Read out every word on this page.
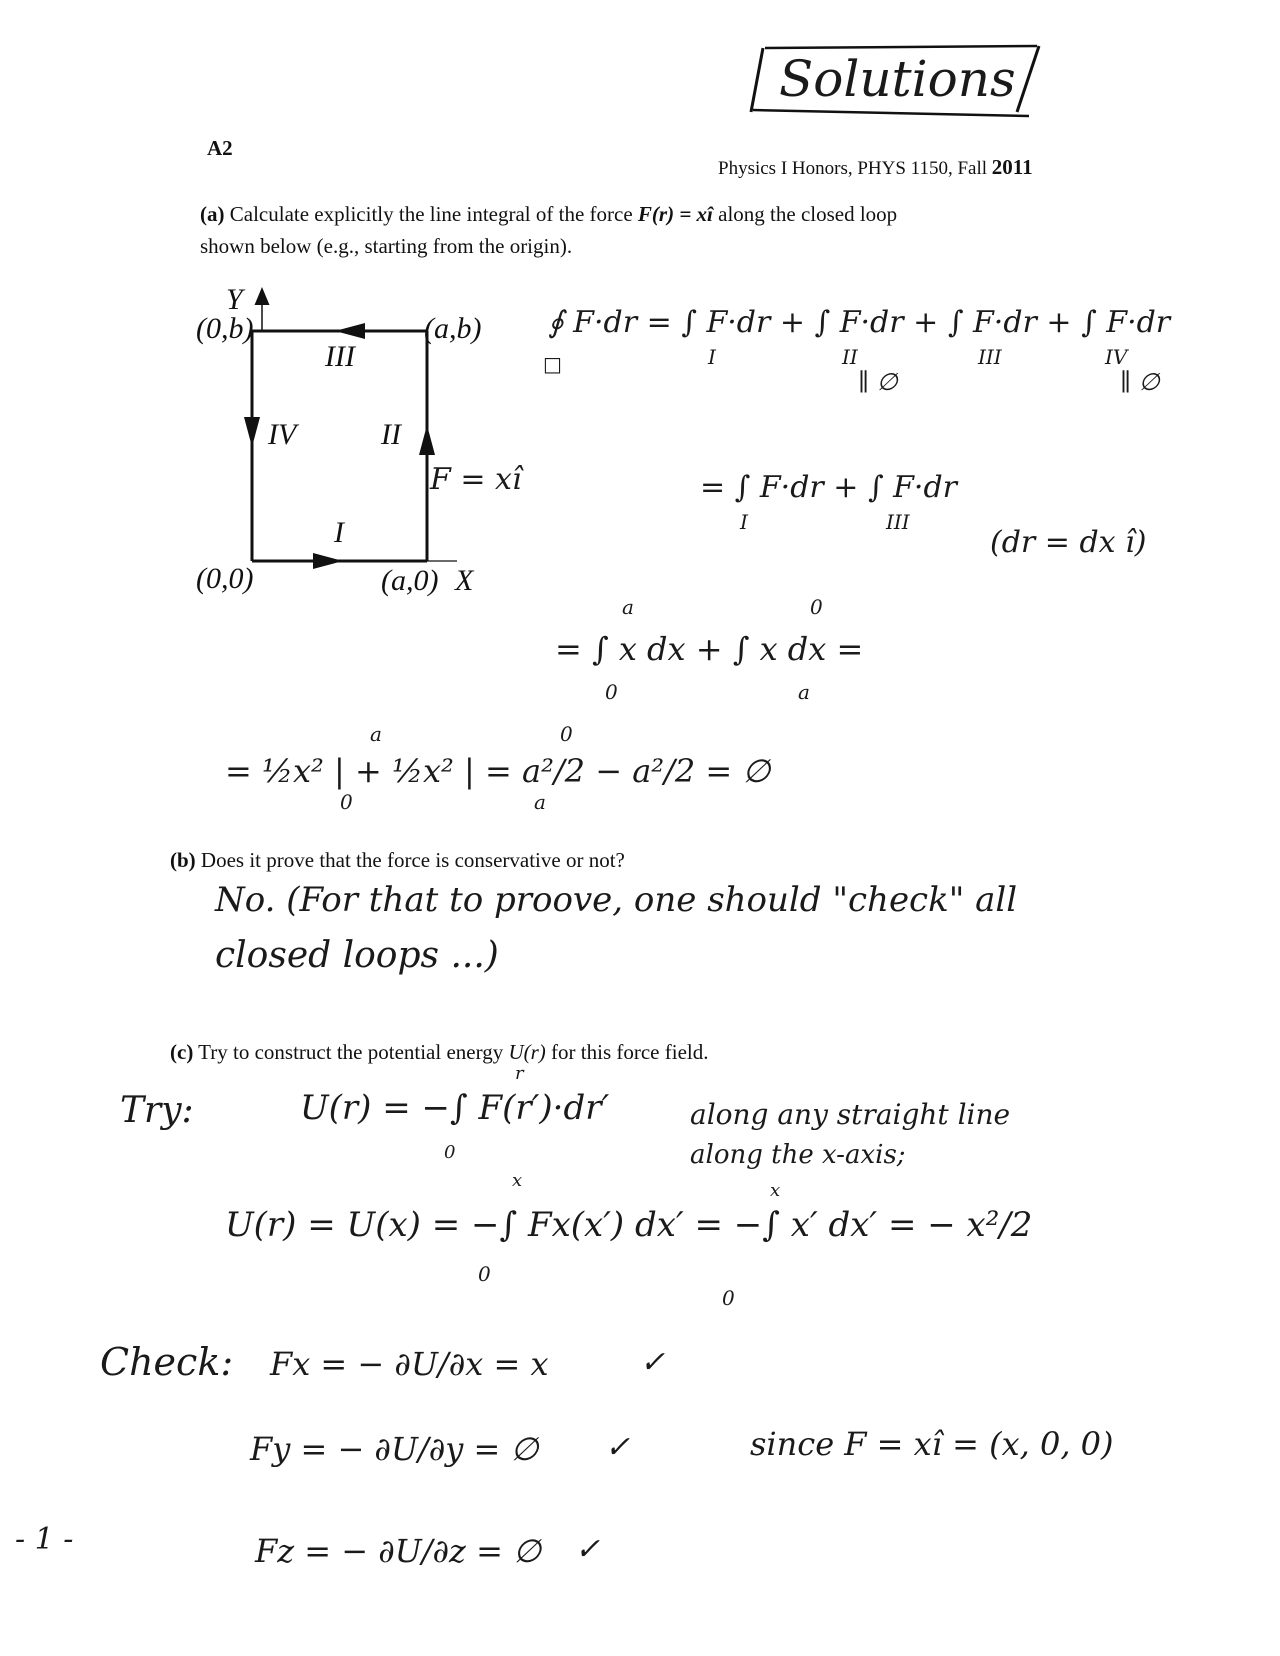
Solutions
A2
Physics I Honors, PHYS 1150, Fall 2011
(a) Calculate explicitly the line integral of the force F(r) = xî along the closed loop
shown below (e.g., starting from the origin).
Y
(0,b)	(a,b)
III
IV	II
I
(0,0)	(a,0) X
F = xî
∮ F·dr = ∫ F·dr + ∫ F·dr + ∫ F·dr + ∫ F·dr
□	I	II	III	IV
∥ ∅	∥ ∅
= ∫ F·dr + ∫ F·dr
I	III
(dr = dx î)
a	0
= ∫ x dx + ∫ x dx =
0	a
a	0
= ½x² | + ½x² | = a²/2 − a²/2 = ∅
0	a
(b) Does it prove that the force is conservative or not?
No. (For that to proove, one should "check" all
closed loops ...)
(c) Try to construct the potential energy U(r) for this force field.
r
Try:	U(r) = −∫ F(r′)·dr′
0
along any straight line
along the x-axis;
x	x
U(r) = U(x) = −∫ Fx(x′) dx′ = −∫ x′ dx′ = − x²/2
0
0
Check: Fx = − ∂U/∂x = x	✓
Fy = − ∂U/∂y = ∅ ✓	since F = xî = (x, 0, 0)
Fz = − ∂U/∂z = ∅ ✓
- 1 -
